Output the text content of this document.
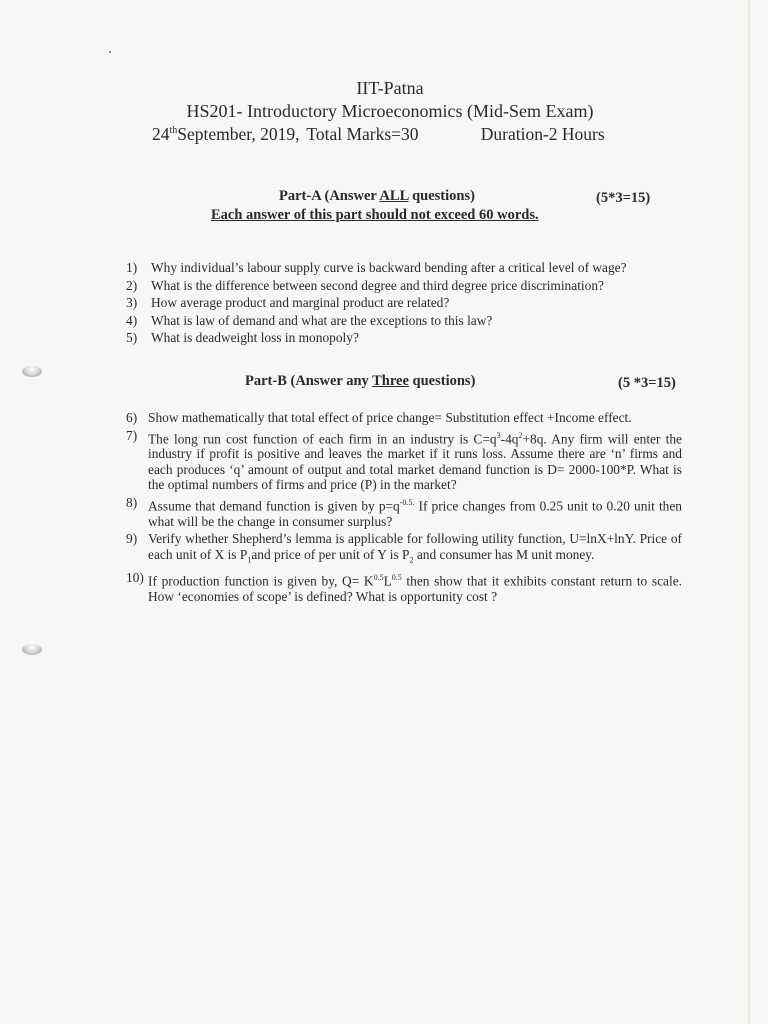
IIT-Patna
HS201- Introductory Microeconomics (Mid-Sem Exam)
24thSeptember, 2019, Total Marks=30	Duration-2 Hours
Part-A (Answer ALL questions)	(5*3=15)
Each answer of this part should not exceed 60 words.
1)	Why individual’s labour supply curve is backward bending after a critical level of wage?
2)	What is the difference between second degree and third degree price discrimination?
3)	How average product and marginal product are related?
4)	What is law of demand and what are the exceptions to this law?
5)	What is deadweight loss in monopoly?
Part-B (Answer any Three questions)	(5 *3=15)
6) Show mathematically that total effect of price change= Substitution effect +Income effect.
7) The long run cost function of each firm in an industry is $C=q^3-4q^2+8q$. Any firm will enter the industry if profit is positive and leaves the market if it runs loss. Assume there are ‘n’ firms and each produces ‘q’ amount of output and total market demand function is D= 2000-100*P. What is the optimal numbers of firms and price (P) in the market?
8) Assume that demand function is given by $p=q^{-0.5.}$ If price changes from 0.25 unit to 0.20 unit then what will be the change in consumer surplus?
9) Verify whether Shepherd’s lemma is applicable for following utility function, U=lnX+lnY. Price of each unit of X is $P_1and$ price of per unit of Y is $P_2$ and consumer has M unit money.
10) If production function is given by, $Q= K^{0.5}L^{0.5}$ then show that it exhibits constant return to scale. How ‘economies of scope’ is defined? What is opportunity cost ?
